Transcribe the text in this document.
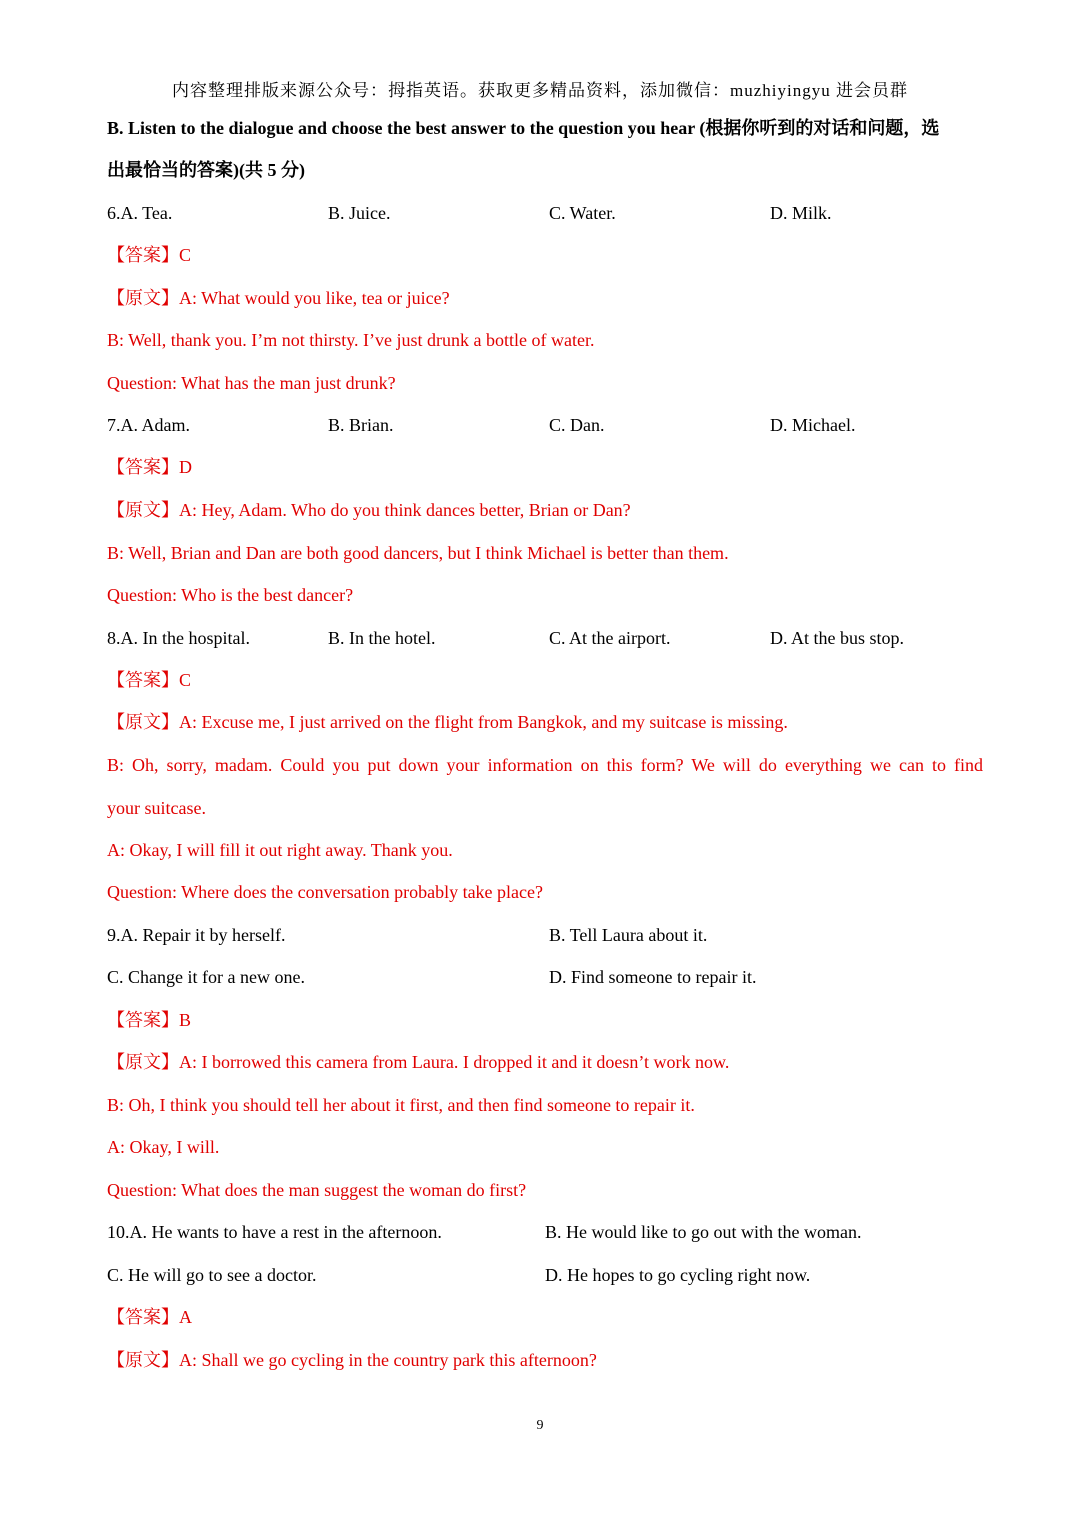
内容整理排版来源公众号：拇指英语。获取更多精品资料，添加微信：muzhiyingyu 进会员群
B. Listen to the dialogue and choose the best answer to the question you hear (根据你听到的对话和问题，选
出最恰当的答案)(共 5 分)
6.A. Tea.	B. Juice.	C. Water.	D. Milk.
【答案】C
【原文】A: What would you like, tea or juice?
B: Well, thank you. I’m not thirsty. I’ve just drunk a bottle of water.
Question: What has the man just drunk?
7.A. Adam.	B. Brian.	C. Dan.	D. Michael.
【答案】D
【原文】A: Hey, Adam. Who do you think dances better, Brian or Dan?
B: Well, Brian and Dan are both good dancers, but I think Michael is better than them.
Question: Who is the best dancer?
8.A. In the hospital.	B. In the hotel.	C. At the airport.	D. At the bus stop.
【答案】C
【原文】A: Excuse me, I just arrived on the flight from Bangkok, and my suitcase is missing.
B: Oh, sorry, madam. Could you put down your information on this form? We will do everything we can to find
your suitcase.
A: Okay, I will fill it out right away. Thank you.
Question: Where does the conversation probably take place?
9.A. Repair it by herself.	B. Tell Laura about it.
C. Change it for a new one.	D. Find someone to repair it.
【答案】B
【原文】A: I borrowed this camera from Laura. I dropped it and it doesn’t work now.
B: Oh, I think you should tell her about it first, and then find someone to repair it.
A: Okay, I will.
Question: What does the man suggest the woman do first?
10.A. He wants to have a rest in the afternoon.	B. He would like to go out with the woman.
C. He will go to see a doctor.	D. He hopes to go cycling right now.
【答案】A
【原文】A: Shall we go cycling in the country park this afternoon?
9
